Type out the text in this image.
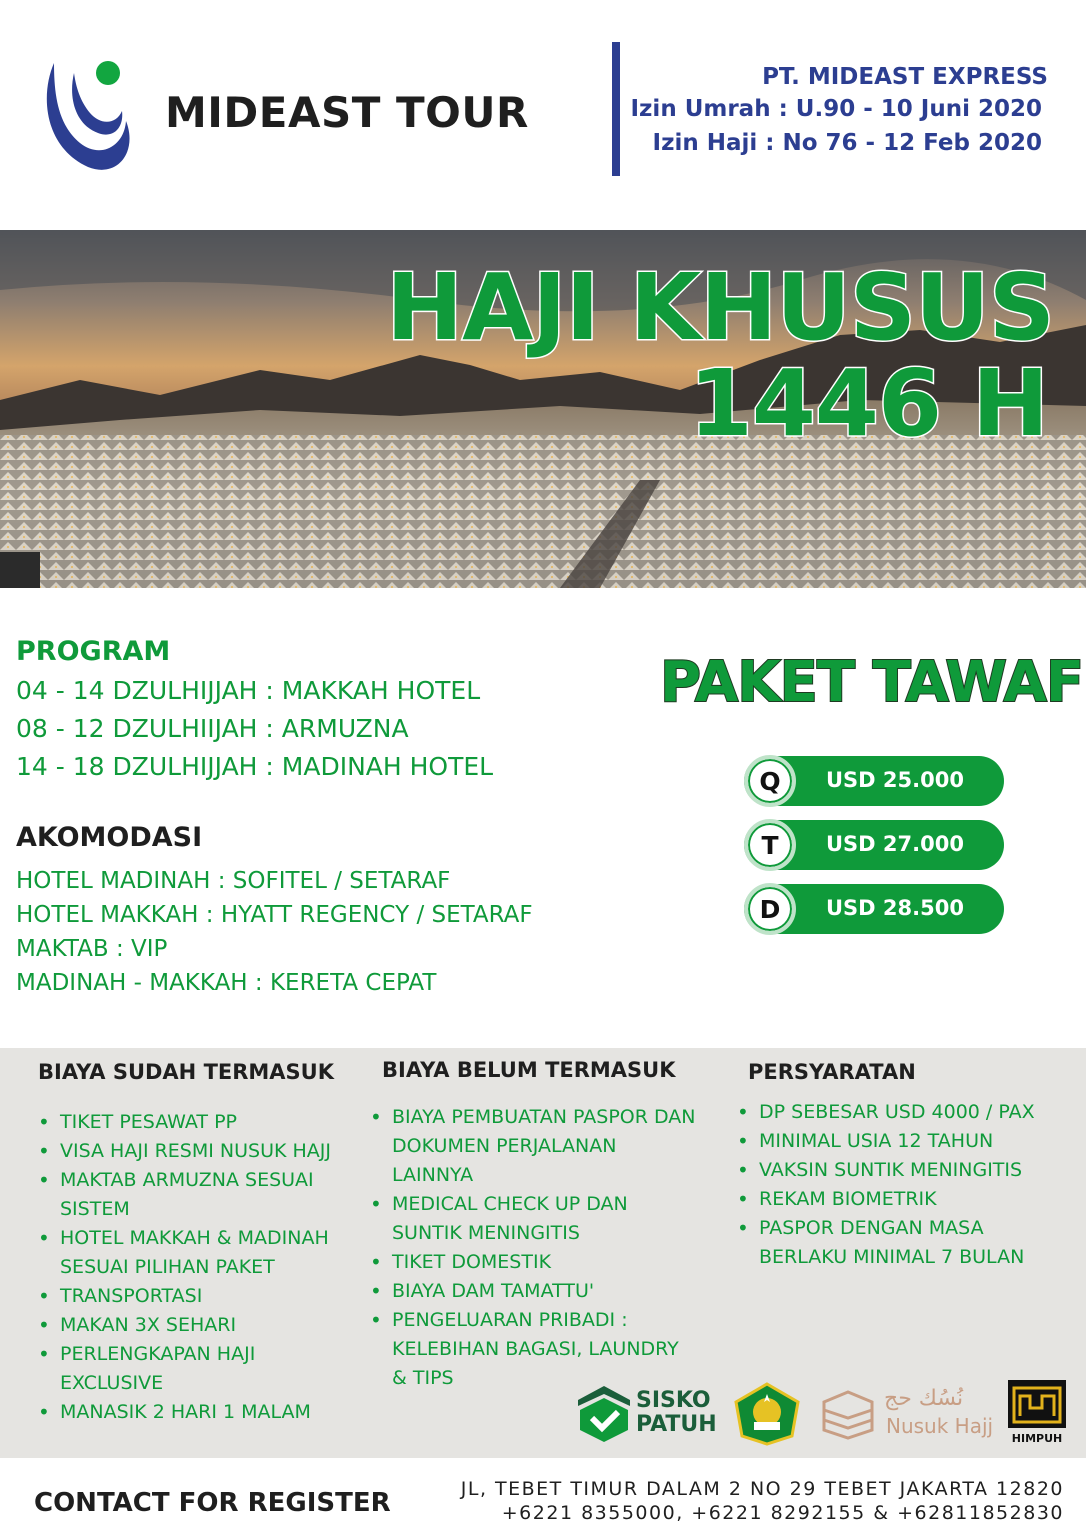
MIDEAST TOUR
PT. MIDEAST EXPRESS
Izin Umrah : U.90 - 10 Juni 2020
Izin Haji : No 76 - 12 Feb 2020
HAJI KHUSUS
1446 H
PROGRAM
04 - 14 DZULHIJJAH : MAKKAH HOTEL
08 - 12 DZULHIIJAH : ARMUZNA
14 - 18 DZULHIJJAH : MADINAH HOTEL
AKOMODASI
HOTEL MADINAH : SOFITEL / SETARAF
HOTEL MAKKAH : HYATT REGENCY / SETARAF
MAKTAB : VIP
MADINAH - MAKKAH : KERETA CEPAT
PAKET TAWAF
Q	USD 25.000
T	USD 27.000
D	USD 28.500
BIAYA SUDAH TERMASUK
• TIKET PESAWAT PP
• VISA HAJI RESMI NUSUK HAJJ
• MAKTAB ARMUZNA SESUAI SISTEM
• HOTEL MAKKAH & MADINAH SESUAI PILIHAN PAKET
• TRANSPORTASI
• MAKAN 3X SEHARI
• PERLENGKAPAN HAJI EXCLUSIVE
• MANASIK 2 HARI 1 MALAM
BIAYA BELUM TERMASUK
• BIAYA PEMBUATAN PASPOR DAN DOKUMEN PERJALANAN LAINNYA
• MEDICAL CHECK UP DAN SUNTIK MENINGITIS
• TIKET DOMESTIK
• BIAYA DAM TAMATTU'
• PENGELUARAN PRIBADI : KELEBIHAN BAGASI, LAUNDRY & TIPS
PERSYARATAN
• DP SEBESAR USD 4000 / PAX
• MINIMAL USIA 12 TAHUN
• VAKSIN SUNTIK MENINGITIS
• REKAM BIOMETRIK
• PASPOR DENGAN MASA BERLAKU MINIMAL 7 BULAN
SISKO
PATUH
نُسُك حج
Nusuk Hajj
HIMPUH
CONTACT FOR REGISTER	JL, TEBET TIMUR DALAM 2 NO 29 TEBET JAKARTA 12820
+6221 8355000, +6221 8292155 & +62811852830
